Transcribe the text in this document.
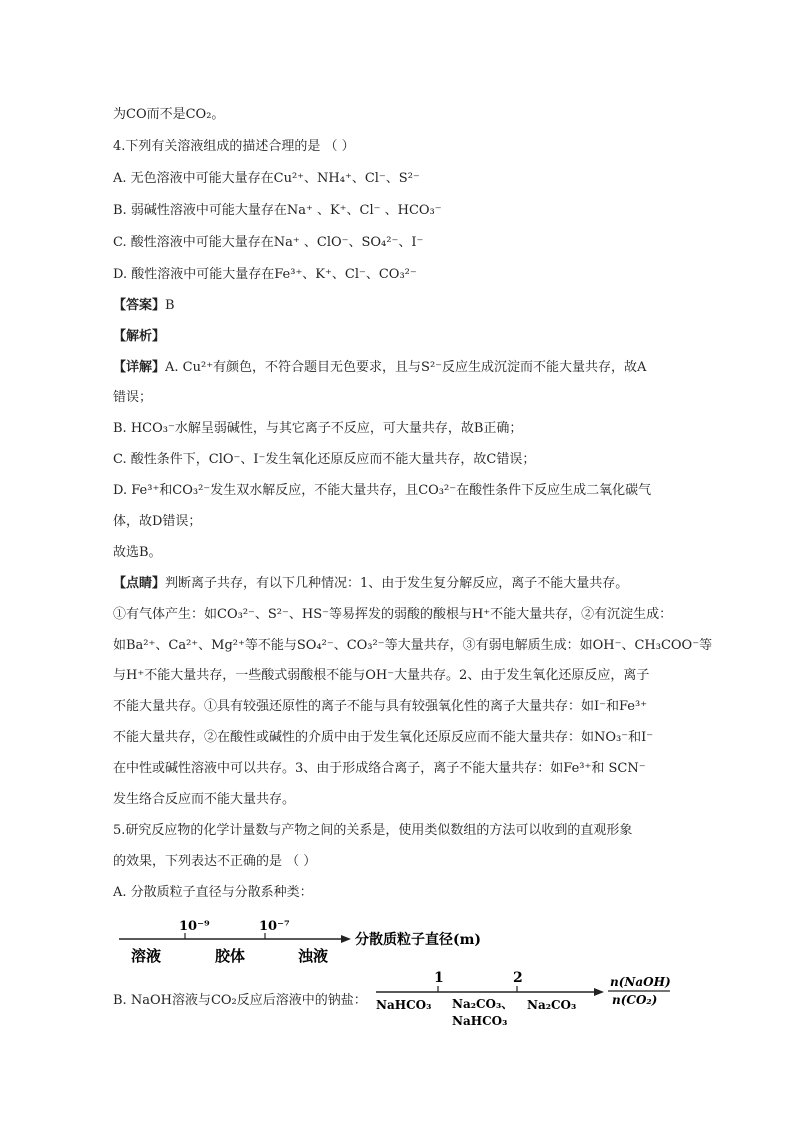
为CO而不是CO₂。
4.下列有关溶液组成的描述合理的是 （ ）
A. 无色溶液中可能大量存在Cu²⁺、NH₄⁺、Cl⁻、S²⁻
B. 弱碱性溶液中可能大量存在Na⁺ 、K⁺、Cl⁻ 、HCO₃⁻
C. 酸性溶液中可能大量存在Na⁺ 、ClO⁻、SO₄²⁻、I⁻
D. 酸性溶液中可能大量存在Fe³⁺、K⁺、Cl⁻、CO₃²⁻
【答案】B
【解析】
【详解】A. Cu²⁺有颜色，不符合题目无色要求，且与S²⁻反应生成沉淀而不能大量共存，故A
错误；
B. HCO₃⁻水解呈弱碱性，与其它离子不反应，可大量共存，故B正确；
C. 酸性条件下，ClO⁻、I⁻发生氧化还原反应而不能大量共存，故C错误；
D. Fe³⁺和CO₃²⁻发生双水解反应，不能大量共存，且CO₃²⁻在酸性条件下反应生成二氧化碳气
体，故D错误；
故选B。
【点睛】判断离子共存，有以下几种情况：1、由于发生复分解反应，离子不能大量共存。
①有气体产生：如CO₃²⁻、S²⁻、HS⁻等易挥发的弱酸的酸根与H⁺不能大量共存，②有沉淀生成：
如Ba²⁺、Ca²⁺、Mg²⁺等不能与SO₄²⁻、CO₃²⁻等大量共存，③有弱电解质生成：如OH⁻、CH₃COO⁻等
与H⁺不能大量共存，一些酸式弱酸根不能与OH⁻大量共存。2、由于发生氧化还原反应，离子
不能大量共存。①具有较强还原性的离子不能与具有较强氧化性的离子大量共存：如I⁻和Fe³⁺
不能大量共存，②在酸性或碱性的介质中由于发生氧化还原反应而不能大量共存：如NO₃⁻和I⁻
在中性或碱性溶液中可以共存。3、由于形成络合离子，离子不能大量共存：如Fe³⁺和 SCN⁻
发生络合反应而不能大量共存。
5.研究反应物的化学计量数与产物之间的关系是，使用类似数组的方法可以收到的直观形象
的效果，下列表达不正确的是 （ ）
A. 分散质粒子直径与分散系种类：
10⁻⁹	10⁻⁷
分散质粒子直径(m)
溶液	胶体	浊液
B. NaOH溶液与CO₂反应后溶液中的钠盐：
1	2
NaHCO₃ Na₂CO₃、
NaHCO₃
Na₂CO₃
n(NaOH)
n(CO₂)
